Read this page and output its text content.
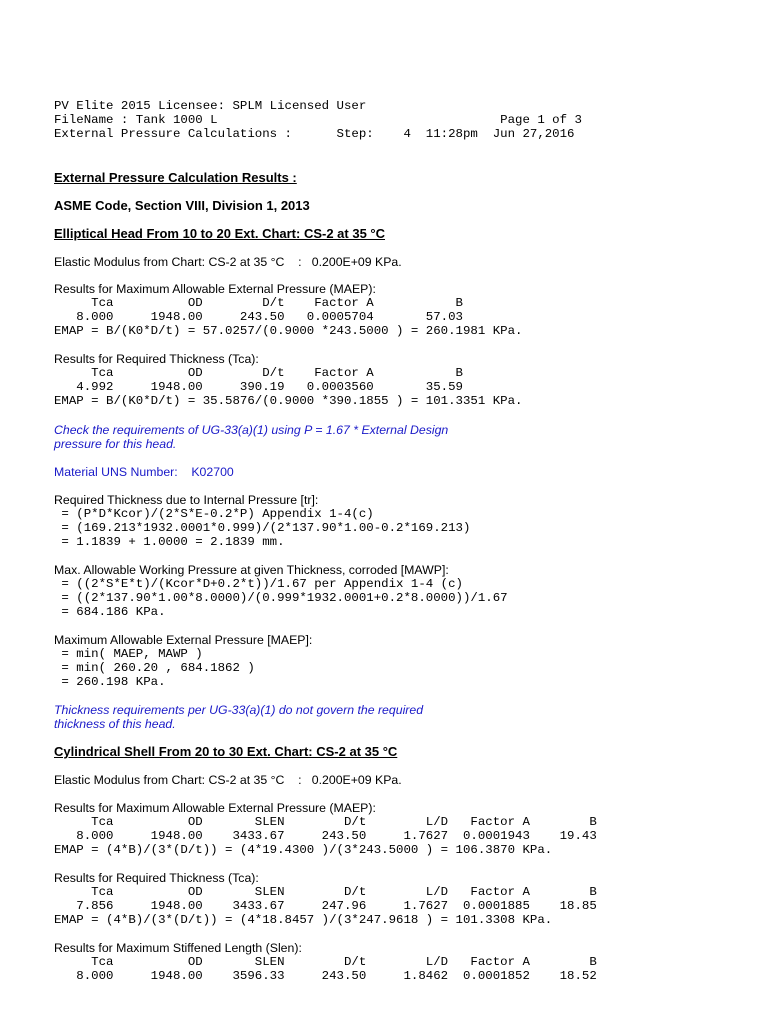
PV Elite 2015 Licensee: SPLM Licensed User

FileName : Tank 1000 L                                      Page 1 of 3

External Pressure Calculations :      Step:    4  11:28pm  Jun 27,2016

External Pressure Calculation Results :

ASME Code, Section VIII, Division 1, 2013

Elliptical Head From 10 to 20 Ext. Chart: CS-2 at 35 °C

Elastic Modulus from Chart: CS-2 at 35 °C    :   0.200E+09 KPa.

Results for Maximum Allowable External Pressure (MAEP):

Tca          OD        D/t    Factor A           B

8.000     1948.00     243.50   0.0005704       57.03

EMAP = B/(K0*D/t) = 57.0257/(0.9000 *243.5000 ) = 260.1981 KPa.

Results for Required Thickness (Tca):

Tca          OD        D/t    Factor A           B

4.992     1948.00     390.19   0.0003560       35.59

EMAP = B/(K0*D/t) = 35.5876/(0.9000 *390.1855 ) = 101.3351 KPa.

Check the requirements of UG-33(a)(1) using P = 1.67 * External Design

pressure for this head.

Material UNS Number:    K02700

Required Thickness due to Internal Pressure [tr]:

= (P*D*Kcor)/(2*S*E-0.2*P) Appendix 1-4(c)

= (169.213*1932.0001*0.999)/(2*137.90*1.00-0.2*169.213)

= 1.1839 + 1.0000 = 2.1839 mm.

Max. Allowable Working Pressure at given Thickness, corroded [MAWP]:

= ((2*S*E*t)/(Kcor*D+0.2*t))/1.67 per Appendix 1-4 (c)

= ((2*137.90*1.00*8.0000)/(0.999*1932.0001+0.2*8.0000))/1.67

= 684.186 KPa.

Maximum Allowable External Pressure [MAEP]:

= min( MAEP, MAWP )

= min( 260.20 , 684.1862 )

= 260.198 KPa.

Thickness requirements per UG-33(a)(1) do not govern the required

thickness of this head.

Cylindrical Shell From 20 to 30 Ext. Chart: CS-2 at 35 °C

Elastic Modulus from Chart: CS-2 at 35 °C    :   0.200E+09 KPa.

Results for Maximum Allowable External Pressure (MAEP):

Tca          OD       SLEN        D/t        L/D   Factor A        B

8.000     1948.00    3433.67     243.50     1.7627  0.0001943    19.43

EMAP = (4*B)/(3*(D/t)) = (4*19.4300 )/(3*243.5000 ) = 106.3870 KPa.

Results for Required Thickness (Tca):

Tca          OD       SLEN        D/t        L/D   Factor A        B

7.856     1948.00    3433.67     247.96     1.7627  0.0001885    18.85

EMAP = (4*B)/(3*(D/t)) = (4*18.8457 )/(3*247.9618 ) = 101.3308 KPa.

Results for Maximum Stiffened Length (Slen):

Tca          OD       SLEN        D/t        L/D   Factor A        B

8.000     1948.00    3596.33     243.50     1.8462  0.0001852    18.52
